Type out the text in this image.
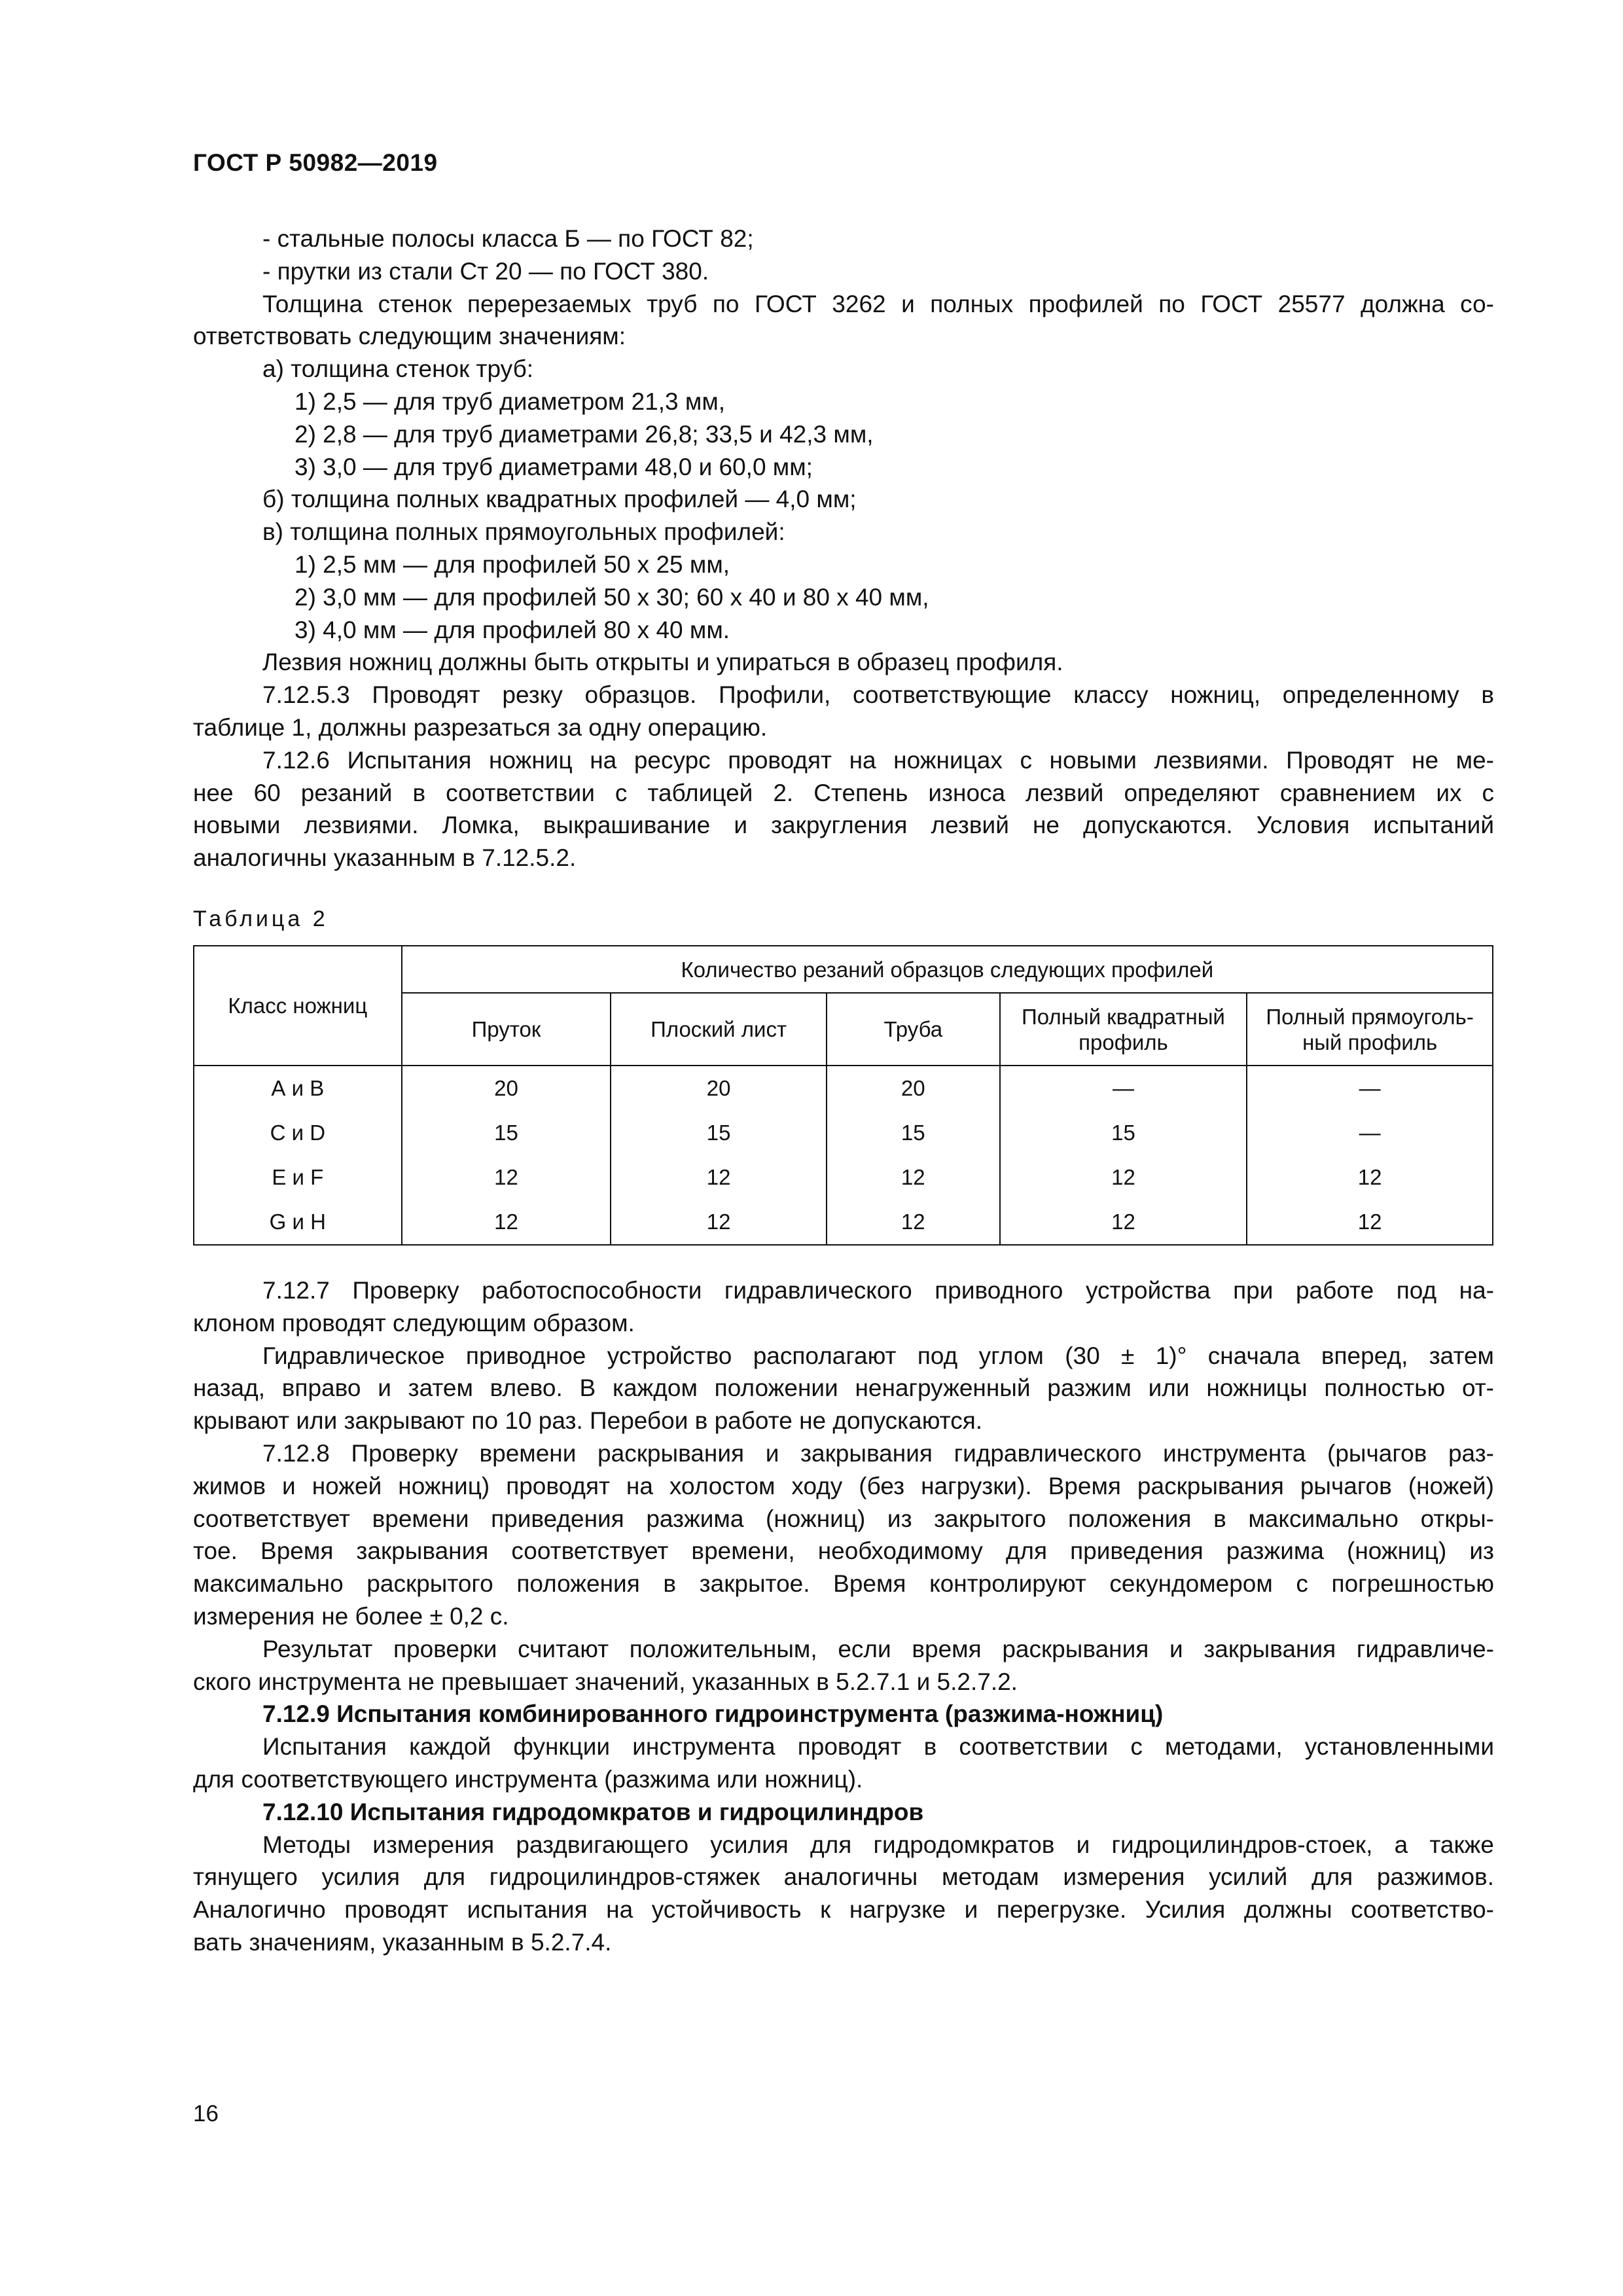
ГОСТ Р 50982—2019
- стальные полосы класса Б — по ГОСТ 82;
- прутки из стали Ст 20 — по ГОСТ 380.
Толщина стенок перерезаемых труб по ГОСТ 3262 и полных профилей по ГОСТ 25577 должна со-
ответствовать следующим значениям:
а) толщина стенок труб:
1) 2,5 — для труб диаметром 21,3 мм,
2) 2,8 — для труб диаметрами 26,8; 33,5 и 42,3 мм,
3) 3,0 — для труб диаметрами 48,0 и 60,0 мм;
б) толщина полных квадратных профилей — 4,0 мм;
в) толщина полных прямоугольных профилей:
1) 2,5 мм — для профилей 50 х 25 мм,
2) 3,0 мм — для профилей 50 х 30; 60 х 40 и 80 х 40 мм,
3) 4,0 мм — для профилей 80 х 40 мм.
Лезвия ножниц должны быть открыты и упираться в образец профиля.
7.12.5.3 Проводят резку образцов. Профили, соответствующие классу ножниц, определенному в
таблице 1, должны разрезаться за одну операцию.
7.12.6 Испытания ножниц на ресурс проводят на ножницах с новыми лезвиями. Проводят не ме-
нее 60 резаний в соответствии с таблицей 2. Степень износа лезвий определяют сравнением их с
новыми лезвиями. Ломка, выкрашивание и закругления лезвий не допускаются. Условия испытаний
аналогичны указанным в 7.12.5.2.
Таблица 2
Класс ножниц	Количество резаний образцов следующих профилей				
	Пруток	Плоский лист	Труба	Полный квадратный профиль	Полный прямоуголь-ный профиль
А и В	20	20	20	—	—
С и D	15	15	15	15	—
Е и F	12	12	12	12	12
G и H	12	12	12	12	12
7.12.7 Проверку работоспособности гидравлического приводного устройства при работе под на-
клоном проводят следующим образом.
Гидравлическое приводное устройство располагают под углом (30 ± 1)° сначала вперед, затем
назад, вправо и затем влево. В каждом положении ненагруженный разжим или ножницы полностью от-
крывают или закрывают по 10 раз. Перебои в работе не допускаются.
7.12.8 Проверку времени раскрывания и закрывания гидравлического инструмента (рычагов раз-
жимов и ножей ножниц) проводят на холостом ходу (без нагрузки). Время раскрывания рычагов (ножей)
соответствует времени приведения разжима (ножниц) из закрытого положения в максимально откры-
тое. Время закрывания соответствует времени, необходимому для приведения разжима (ножниц) из
максимально раскрытого положения в закрытое. Время контролируют секундомером с погрешностью
измерения не более ± 0,2 с.
Результат проверки считают положительным, если время раскрывания и закрывания гидравличе-
ского инструмента не превышает значений, указанных в 5.2.7.1 и 5.2.7.2.
7.12.9 Испытания комбинированного гидроинструмента (разжима-ножниц)
Испытания каждой функции инструмента проводят в соответствии с методами, установленными
для соответствующего инструмента (разжима или ножниц).
7.12.10 Испытания гидродомкратов и гидроцилиндров
Методы измерения раздвигающего усилия для гидродомкратов и гидроцилиндров-стоек, а также
тянущего усилия для гидроцилиндров-стяжек аналогичны методам измерения усилий для разжимов.
Аналогично проводят испытания на устойчивость к нагрузке и перегрузке. Усилия должны соответство-
вать значениям, указанным в 5.2.7.4.
16
